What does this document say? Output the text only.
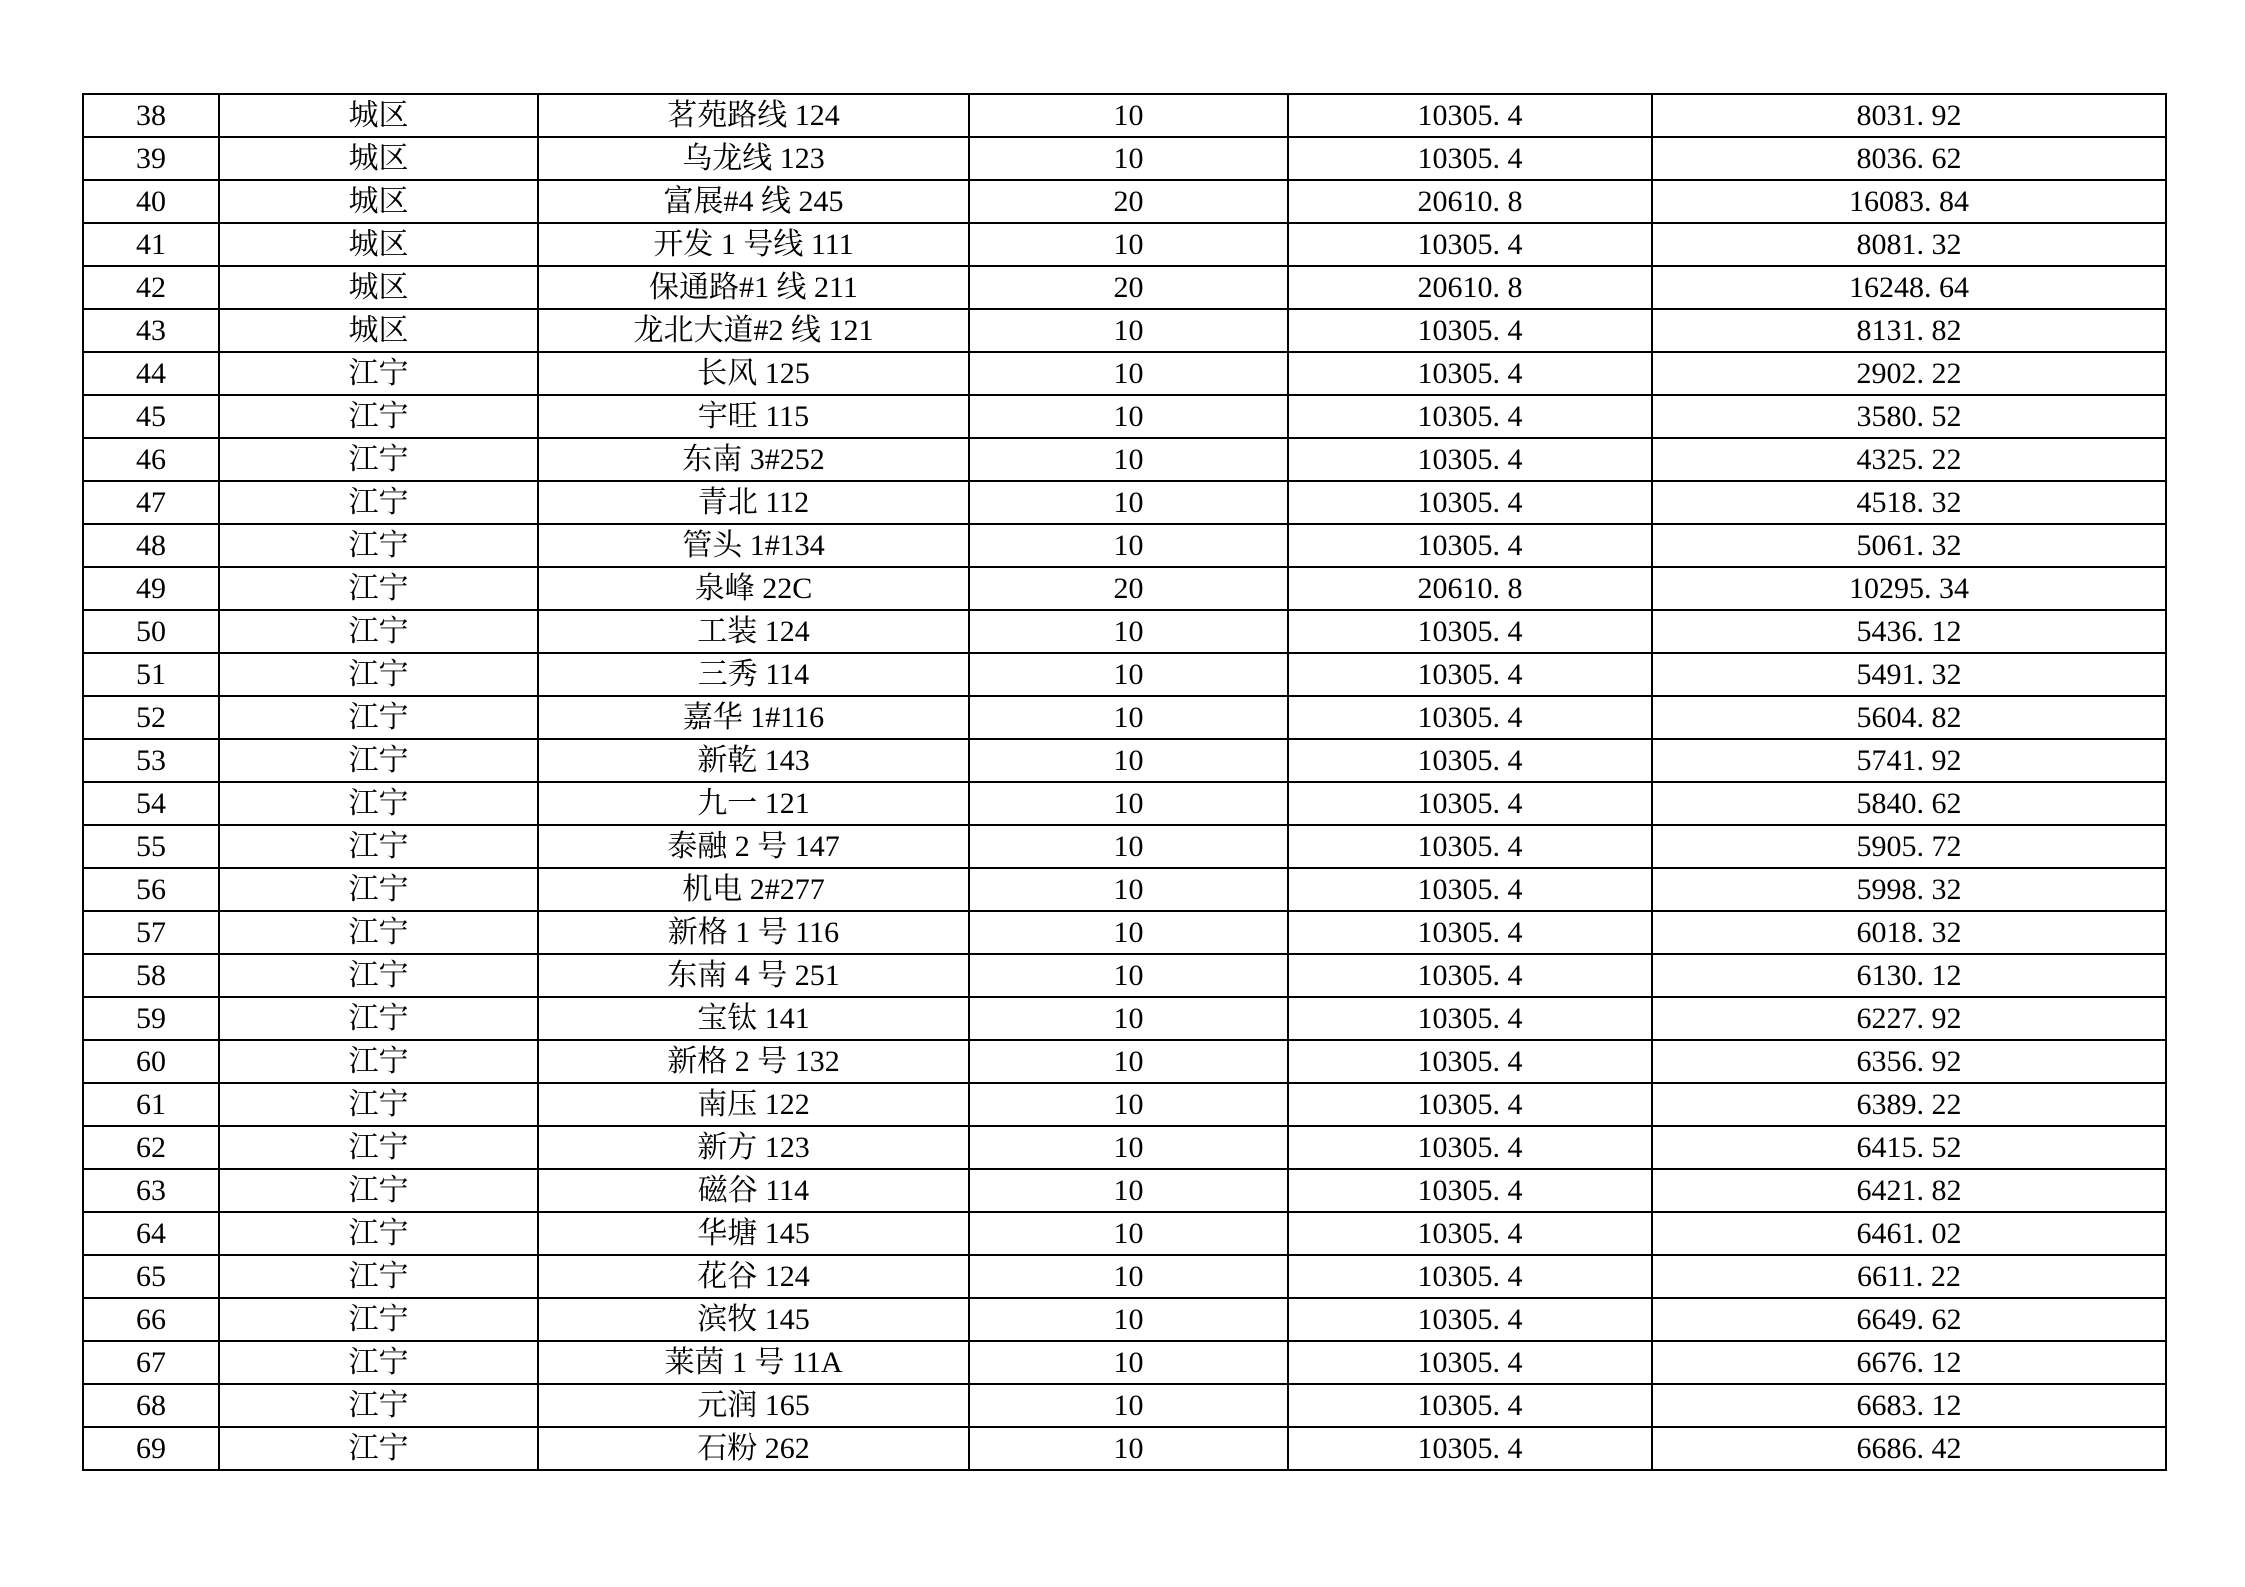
38	城区	茗苑路线 124	10	10305. 4	8031. 92
39	城区	乌龙线 123	10	10305. 4	8036. 62
40	城区	富展#4 线 245	20	20610. 8	16083. 84
41	城区	开发 1 号线 111	10	10305. 4	8081. 32
42	城区	保通路#1 线 211	20	20610. 8	16248. 64
43	城区	龙北大道#2 线 121	10	10305. 4	8131. 82
44	江宁	长风 125	10	10305. 4	2902. 22
45	江宁	宇旺 115	10	10305. 4	3580. 52
46	江宁	东南 3#252	10	10305. 4	4325. 22
47	江宁	青北 112	10	10305. 4	4518. 32
48	江宁	管头 1#134	10	10305. 4	5061. 32
49	江宁	泉峰 22C	20	20610. 8	10295. 34
50	江宁	工装 124	10	10305. 4	5436. 12
51	江宁	三秀 114	10	10305. 4	5491. 32
52	江宁	嘉华 1#116	10	10305. 4	5604. 82
53	江宁	新乾 143	10	10305. 4	5741. 92
54	江宁	九一 121	10	10305. 4	5840. 62
55	江宁	泰融 2 号 147	10	10305. 4	5905. 72
56	江宁	机电 2#277	10	10305. 4	5998. 32
57	江宁	新格 1 号 116	10	10305. 4	6018. 32
58	江宁	东南 4 号 251	10	10305. 4	6130. 12
59	江宁	宝钛 141	10	10305. 4	6227. 92
60	江宁	新格 2 号 132	10	10305. 4	6356. 92
61	江宁	南压 122	10	10305. 4	6389. 22
62	江宁	新方 123	10	10305. 4	6415. 52
63	江宁	磁谷 114	10	10305. 4	6421. 82
64	江宁	华塘 145	10	10305. 4	6461. 02
65	江宁	花谷 124	10	10305. 4	6611. 22
66	江宁	滨牧 145	10	10305. 4	6649. 62
67	江宁	莱茵 1 号 11A	10	10305. 4	6676. 12
68	江宁	元润 165	10	10305. 4	6683. 12
69	江宁	石粉 262	10	10305. 4	6686. 42
